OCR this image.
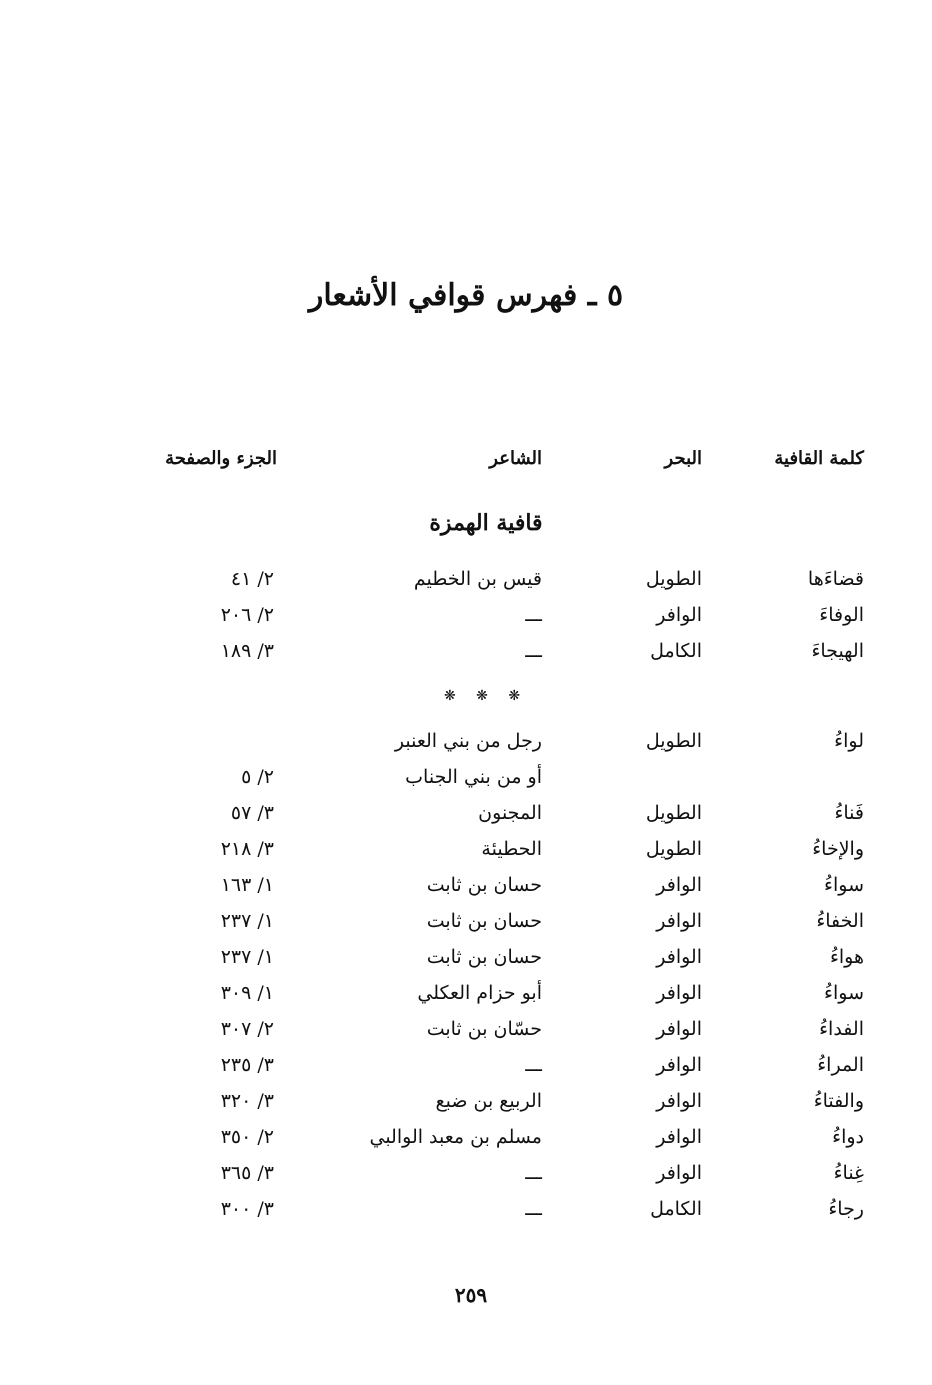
٥ ـ فهرس قوافي الأشعار
كلمة القافية
البحر
الشاعر
الجزء والصفحة
قافية الهمزة
❋ ❋ ❋
قضاءَها
الطويل
قيس بن الخطيم
٢/ ٤١
الوفاءَ
الوافر
ـــ
٢/ ٢٠٦
الهيجاءَ
الكامل
ـــ
٣/ ١٨٩
لواءُ
الطويل
رجل من بني العنبر
أو من بني الجناب
٢/ ٥
فَناءُ
الطويل
المجنون
٣/ ٥٧
والإخاءُ
الطويل
الحطيئة
٣/ ٢١٨
سواءُ
الوافر
حسان بن ثابت
١/ ١٦٣
الخفاءُ
الوافر
حسان بن ثابت
١/ ٢٣٧
هواءُ
الوافر
حسان بن ثابت
١/ ٢٣٧
سواءُ
الوافر
أبو حزام العكلي
١/ ٣٠٩
الفداءُ
الوافر
حسّان بن ثابت
٢/ ٣٠٧
المراءُ
الوافر
ـــ
٣/ ٢٣٥
والفتاءُ
الوافر
الربيع بن ضبع
٣/ ٣٢٠
دواءُ
الوافر
مسلم بن معبد الوالبي
٢/ ٣٥٠
غِناءُ
الوافر
ـــ
٣/ ٣٦٥
رجاءُ
الكامل
ـــ
٣/ ٣٠٠
٢٥٩
